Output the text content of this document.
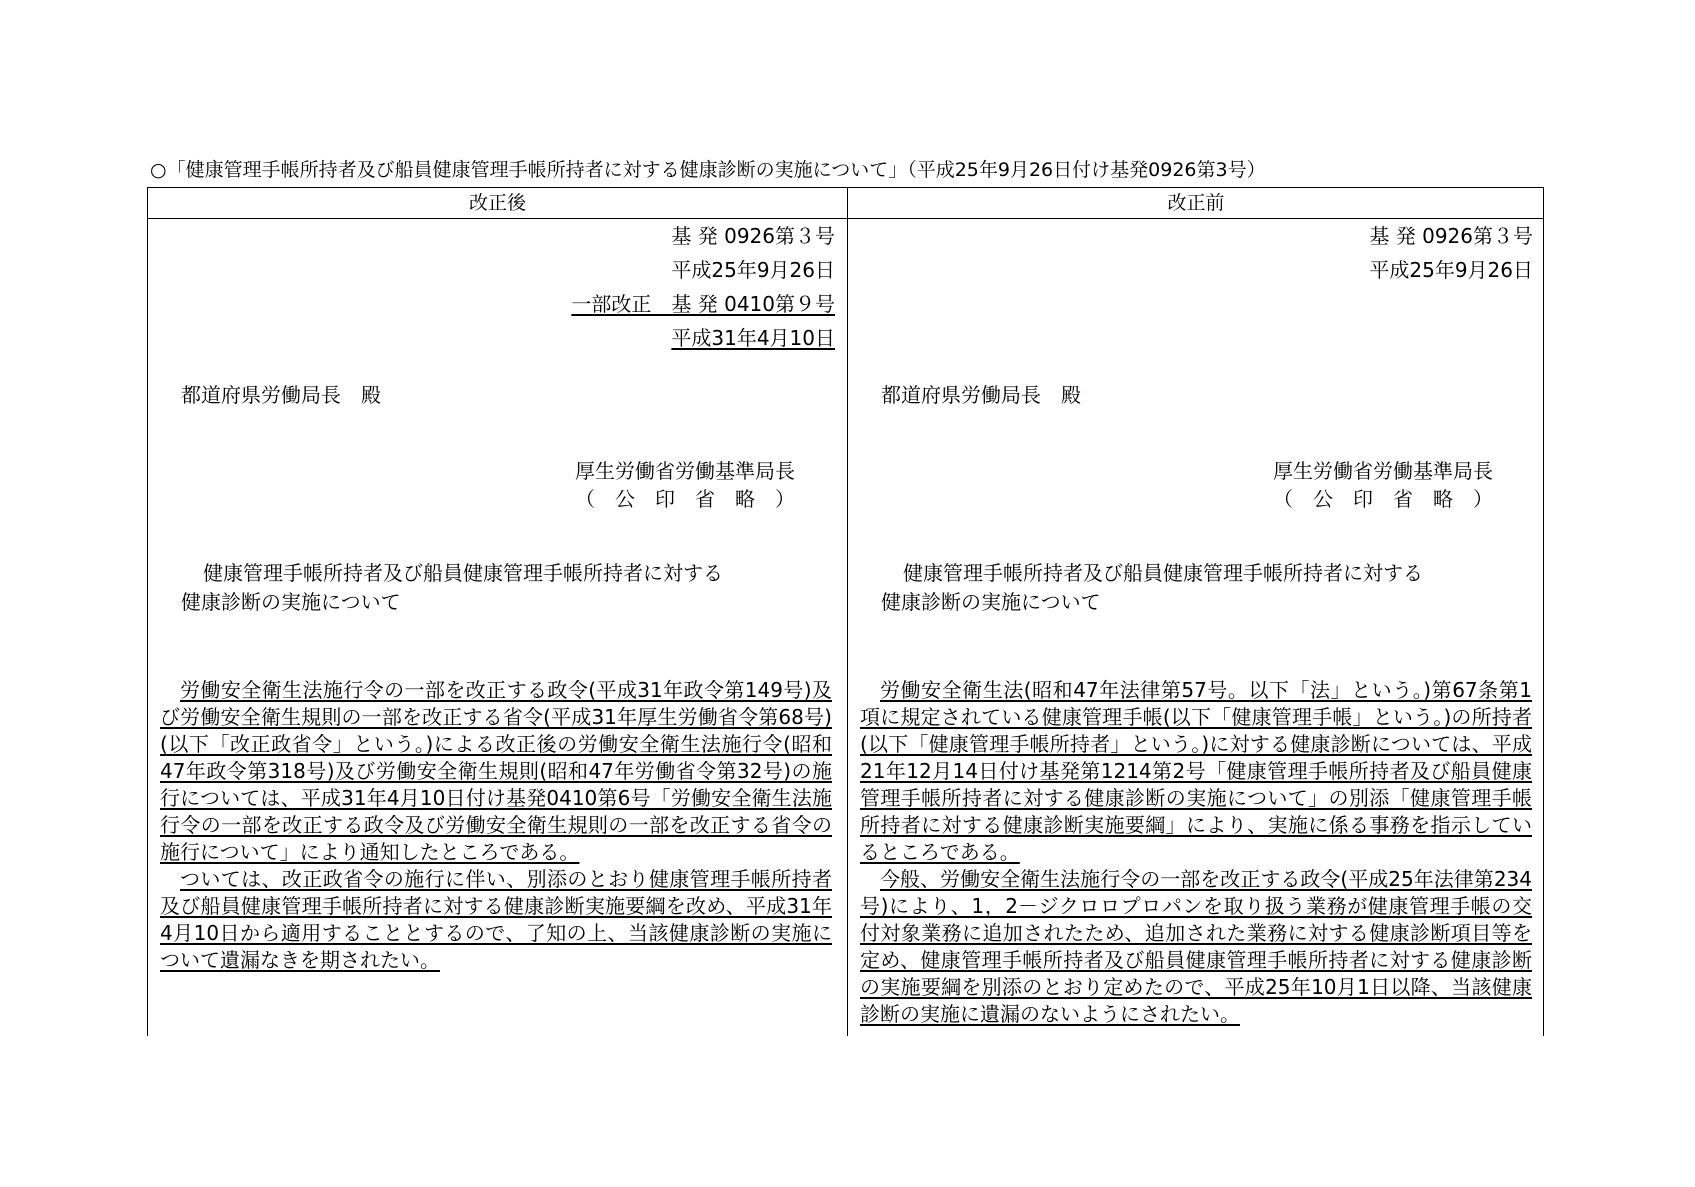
○「健康管理手帳所持者及び船員健康管理手帳所持者に対する健康診断の実施について」（平成25年9月26日付け基発0926第3号）
改正後	改正前
基 発 0926第３号
平成25年9月26日
一部改正　基 発 0410第９号
平成31年4月10日
都道府県労働局長　殿
厚生労働省労働基準局長
（　公　印　省　略　）
健康管理手帳所持者及び船員健康管理手帳所持者に対する
健康診断の実施について

労働安全衛生法施行令の一部を改正する政令(平成31年政令第149号)及び労働安全衛生規則の一部を改正する省令(平成31年厚生労働省令第68号)(以下「改正政省令」という。)による改正後の労働安全衛生法施行令(昭和47年政令第318号)及び労働安全衛生規則(昭和47年労働省令第32号)の施行については、平成31年4月10日付け基発0410第6号「労働安全衛生法施行令の一部を改正する政令及び労働安全衛生規則の一部を改正する省令の施行について」により通知したところである。

ついては、改正政省令の施行に伴い、別添のとおり健康管理手帳所持者及び船員健康管理手帳所持者に対する健康診断実施要綱を改め、平成31年4月10日から適用することとするので、了知の上、当該健康診断の実施について遺漏なきを期されたい。

基 発 0926第３号
平成25年9月26日
都道府県労働局長　殿
厚生労働省労働基準局長
（　公　印　省　略　）
健康管理手帳所持者及び船員健康管理手帳所持者に対する
健康診断の実施について

労働安全衛生法(昭和47年法律第57号。以下「法」という。)第67条第1項に規定されている健康管理手帳(以下「健康管理手帳」という。)の所持者(以下「健康管理手帳所持者」という。)に対する健康診断については、平成21年12月14日付け基発第1214第2号「健康管理手帳所持者及び船員健康管理手帳所持者に対する健康診断の実施について」の別添「健康管理手帳所持者に対する健康診断実施要綱」により、実施に係る事務を指示しているところである。

今般、労働安全衛生法施行令の一部を改正する政令(平成25年法律第234号)により、1，2－ジクロロプロパンを取り扱う業務が健康管理手帳の交付対象業務に追加されたため、追加された業務に対する健康診断項目等を定め、健康管理手帳所持者及び船員健康管理手帳所持者に対する健康診断の実施要綱を別添のとおり定めたので、平成25年10月1日以降、当該健康診断の実施に遺漏のないようにされたい。
